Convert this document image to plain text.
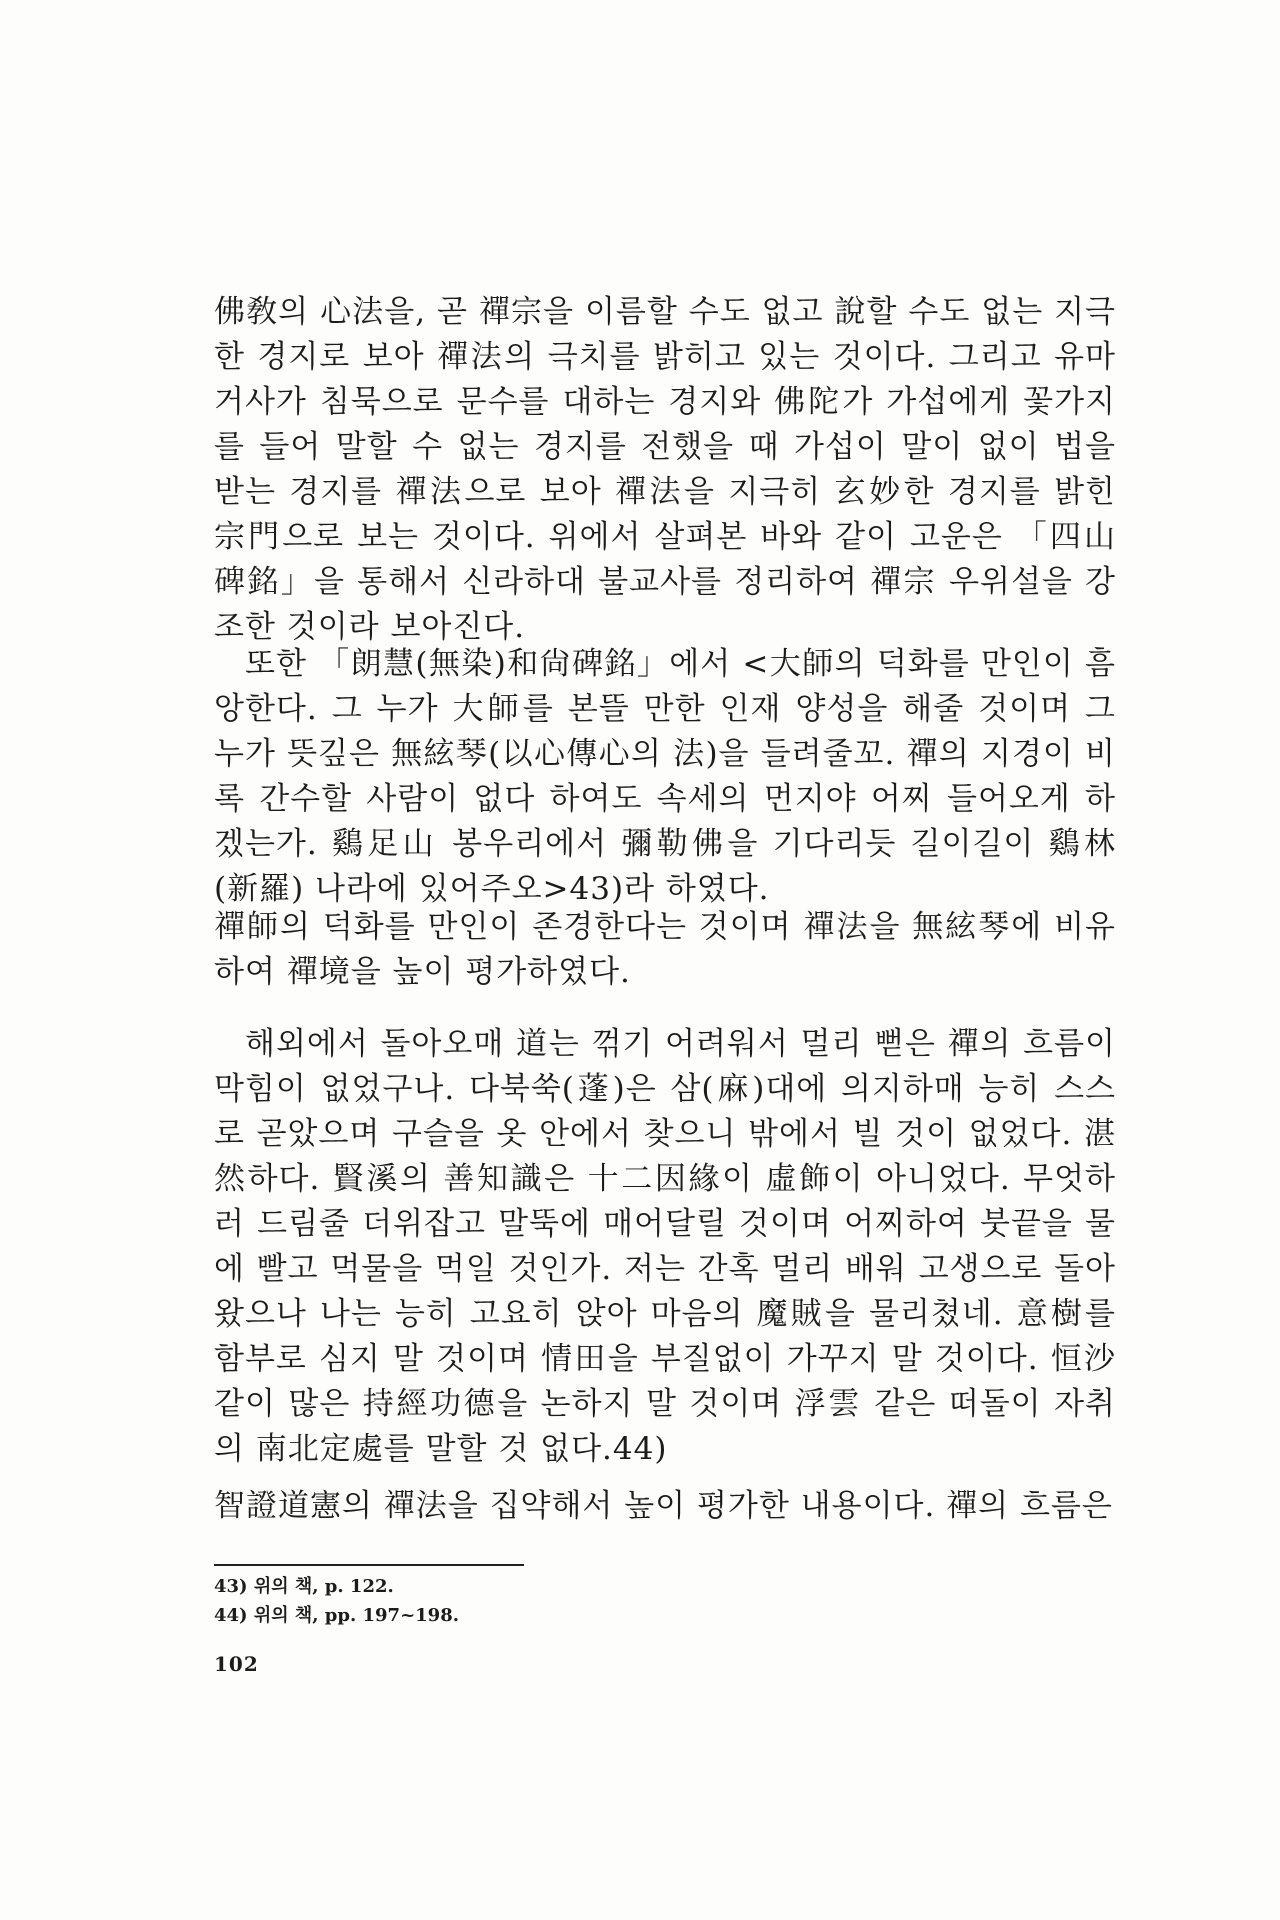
佛敎의 心法을, 곧 禪宗을 이름할 수도 없고 說할 수도 없는 지극한 경지로 보아 禪法의 극치를 밝히고 있는 것이다. 그리고 유마거사가 침묵으로 문수를 대하는 경지와 佛陀가 가섭에게 꽃가지를 들어 말할 수 없는 경지를 전했을 때 가섭이 말이 없이 법을 받는 경지를 禪法으로 보아 禪法을 지극히 玄妙한 경지를 밝힌 宗門으로 보는 것이다. 위에서 살펴본 바와 같이 고운은 「四山碑銘」을 통해서 신라하대 불교사를 정리하여 禪宗 우위설을 강조한 것이라 보아진다.
또한 「朗慧(無染)和尙碑銘」에서 <大師의 덕화를 만인이 흠앙한다. 그 누가 大師를 본뜰 만한 인재 양성을 해줄 것이며 그 누가 뜻깊은 無絃琴(以心傳心의 法)을 들려줄꼬. 禪의 지경이 비록 간수할 사람이 없다 하여도 속세의 먼지야 어찌 들어오게 하겠는가. 鷄足山 봉우리에서 彌勒佛을 기다리듯 길이길이 鷄林(新羅) 나라에 있어주오>43)라 하였다.
禪師의 덕화를 만인이 존경한다는 것이며 禪法을 無絃琴에 비유하여 禪境을 높이 평가하였다.
해외에서 돌아오매 道는 꺾기 어려워서 멀리 뻗은 禪의 흐름이 막힘이 없었구나. 다북쑥(蓬)은 삼(麻)대에 의지하매 능히 스스로 곧았으며 구슬을 옷 안에서 찾으니 밖에서 빌 것이 없었다. 湛然하다. 賢溪의 善知識은 十二因緣이 虛飾이 아니었다. 무엇하러 드림줄 더위잡고 말뚝에 매어달릴 것이며 어찌하여 붓끝을 물에 빨고 먹물을 먹일 것인가. 저는 간혹 멀리 배워 고생으로 돌아왔으나 나는 능히 고요히 앉아 마음의 魔賊을 물리쳤네. 意樹를 함부로 심지 말 것이며 情田을 부질없이 가꾸지 말 것이다. 恒沙같이 많은 持經功德을 논하지 말 것이며 浮雲 같은 떠돌이 자취의 南北定處를 말할 것 없다.44)
智證道憲의 禪法을 집약해서 높이 평가한 내용이다. 禪의 흐름은
43) 위의 책, p. 122.
44) 위의 책, pp. 197~198.
102
